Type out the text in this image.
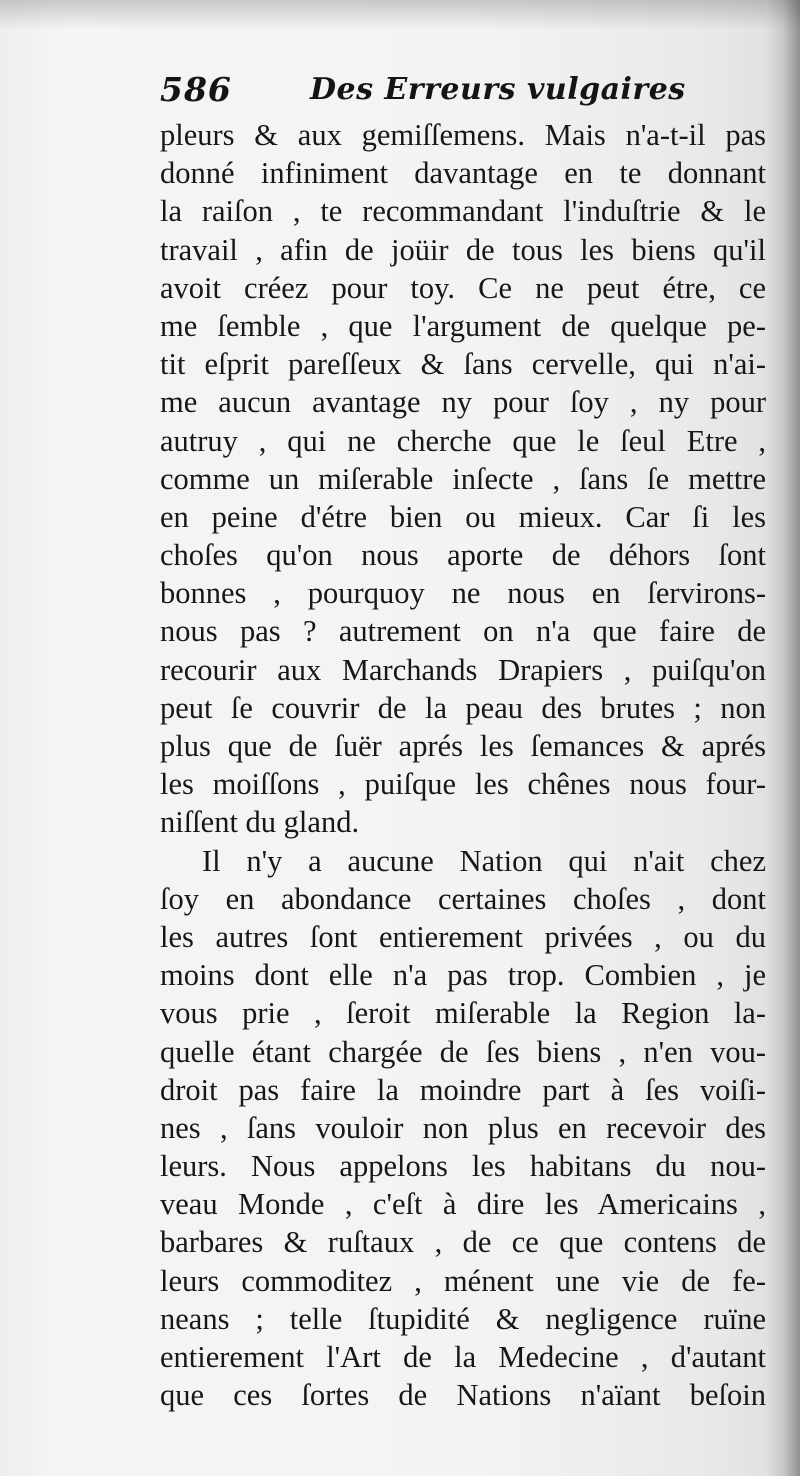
586	Des Erreurs vulgaires
pleurs & aux gemiſſemens. Mais n'a-t-il pas
donné infiniment davantage en te donnant
la raiſon , te recommandant l'induſtrie & le
travail , afin de joüir de tous les biens qu'il
avoit créez pour toy. Ce ne peut étre, ce
me ſemble , que l'argument de quelque pe-
tit eſprit pareſſeux & ſans cervelle, qui n'ai-
me aucun avantage ny pour ſoy , ny pour
autruy , qui ne cherche que le ſeul Etre ,
comme un miſerable inſecte , ſans ſe mettre
en peine d'étre bien ou mieux. Car ſi les
choſes qu'on nous aporte de déhors ſont
bonnes , pourquoy ne nous en ſervirons-
nous pas ? autrement on n'a que faire de
recourir aux Marchands Drapiers , puiſqu'on
peut ſe couvrir de la peau des brutes ; non
plus que de ſuër aprés les ſemances & aprés
les moiſſons , puiſque les chênes nous four-
niſſent du gland.
Il n'y a aucune Nation qui n'ait chez
ſoy en abondance certaines choſes , dont
les autres ſont entierement privées , ou du
moins dont elle n'a pas trop. Combien , je
vous prie , ſeroit miſerable la Region la-
quelle étant chargée de ſes biens , n'en vou-
droit pas faire la moindre part à ſes voiſi-
nes , ſans vouloir non plus en recevoir des
leurs. Nous appelons les habitans du nou-
veau Monde , c'eſt à dire les Americains ,
barbares & ruſtaux , de ce que contens de
leurs commoditez , ménent une vie de fe-
neans ; telle ſtupidité & negligence ruïne
entierement l'Art de la Medecine , d'autant
que ces ſortes de Nations n'aïant beſoin
